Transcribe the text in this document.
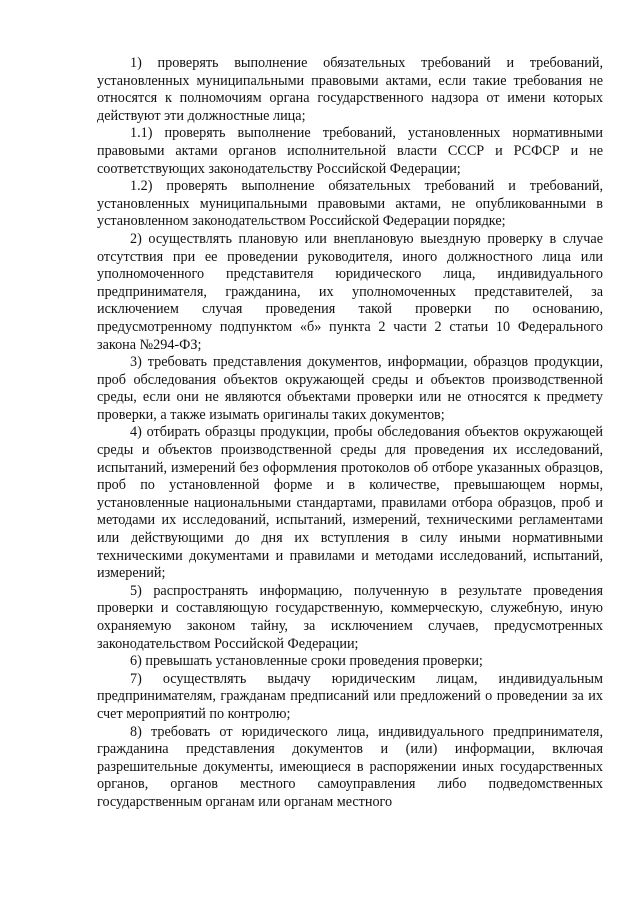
1) проверять выполнение обязательных требований и требований, установленных муниципальными правовыми актами, если такие требования не относятся к полномочиям органа государственного надзора от имени которых действуют эти должностные лица;

1.1) проверять выполнение требований, установленных нормативными правовыми актами органов исполнительной власти СССР и РСФСР и не соответствующих законодательству Российской Федерации;

1.2) проверять выполнение обязательных требований и требований, установленных муниципальными правовыми актами, не опубликованными в установленном законодательством Российской Федерации порядке;

2) осуществлять плановую или внеплановую выездную проверку в случае отсутствия при ее проведении руководителя, иного должностного лица или уполномоченного представителя юридического лица, индивидуального предпринимателя, гражданина, их уполномоченных представителей, за исключением случая проведения такой проверки по основанию, предусмотренному подпунктом «б» пункта 2 части 2 статьи 10 Федерального закона №294-ФЗ;

3) требовать представления документов, информации, образцов продукции, проб обследования объектов окружающей среды и объектов производственной среды, если они не являются объектами проверки или не относятся к предмету проверки, а также изымать оригиналы таких документов;

4) отбирать образцы продукции, пробы обследования объектов окружающей среды и объектов производственной среды для проведения их исследований, испытаний, измерений без оформления протоколов об отборе указанных образцов, проб по установленной форме и в количестве, превышающем нормы, установленные национальными стандартами, правилами отбора образцов, проб и методами их исследований, испытаний, измерений, техническими регламентами или действующими до дня их вступления в силу иными нормативными техническими документами и правилами и методами исследований, испытаний, измерений;

5) распространять информацию, полученную в результате проведения проверки и составляющую государственную, коммерческую, служебную, иную охраняемую законом тайну, за исключением случаев, предусмотренных законодательством Российской Федерации;

6) превышать установленные сроки проведения проверки;

7) осуществлять выдачу юридическим лицам, индивидуальным предпринимателям, гражданам предписаний или предложений о проведении за их счет мероприятий по контролю;

8) требовать от юридического лица, индивидуального предпринимателя, гражданина представления документов и (или) информации, включая разрешительные документы, имеющиеся в распоряжении иных государственных органов, органов местного самоуправления либо подведомственных государственным органам или органам местного
